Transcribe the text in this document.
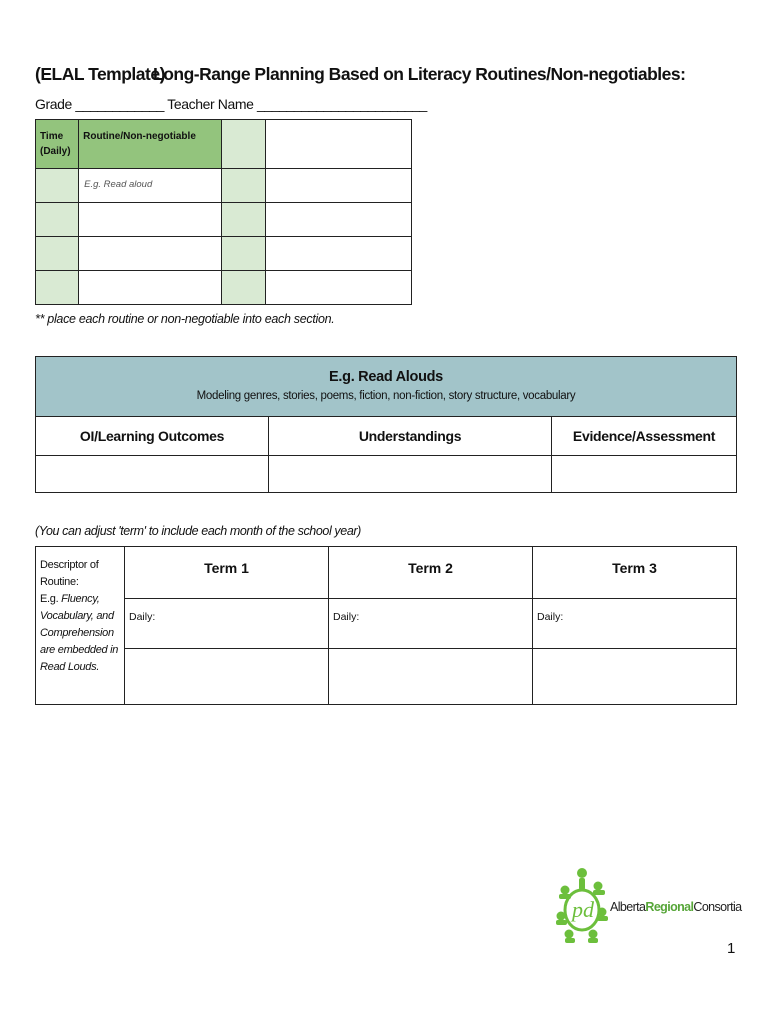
(ELAL Template)
Long-Range Planning Based on Literacy Routines/Non-negotiables:
Grade ____________ Teacher Name _______________________
Time (Daily)	Routine/Non-negotiable		

	E.g. Read aloud		

** place each routine or non-negotiable into each section.
E.g. Read Alouds
Modeling genres, stories, poems, fiction, non-fiction, story structure, vocabulary		

OI/Learning Outcomes	Understandings	Evidence/Assessment

(You can adjust 'term' to include each month of the school year)
Descriptor of Routine:
E.g. Fluency, Vocabulary, and Comprehension are embedded in Read Louds.	Term 1	Term 2	Term 3
	Daily:	Daily:	Daily:

pd AlbertaRegionalConsortia
1
